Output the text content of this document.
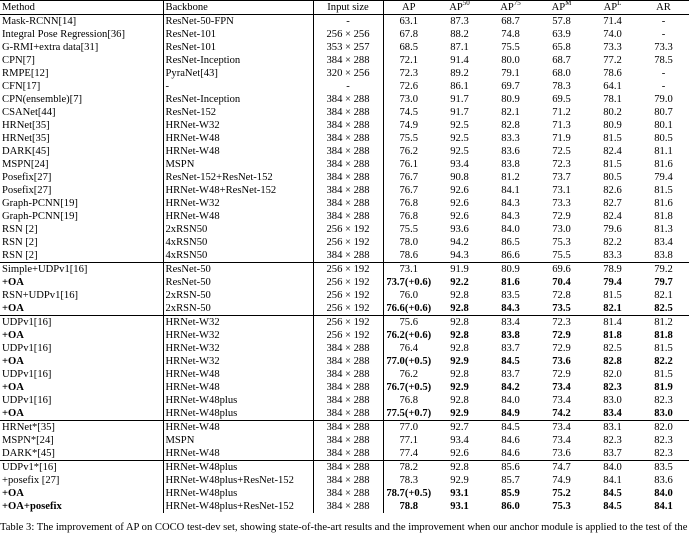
Method	Backbone	Input size	AP	AP$^{50}$	AP$^{75}$	$AP^M$	$AP^L$	AR
Mask-RCNN[14]	ResNet-50-FPN	-	63.1	87.3	68.7	57.8	71.4	-
Integral Pose Regression[36]	ResNet-101	256 × 256	67.8	88.2	74.8	63.9	74.0	-
G-RMI+extra data[31]	ResNet-101	353 × 257	68.5	87.1	75.5	65.8	73.3	73.3
CPN[7]	ResNet-Inception	384 × 288	72.1	91.4	80.0	68.7	77.2	78.5
RMPE[12]	PyraNet[43]	320 × 256	72.3	89.2	79.1	68.0	78.6	-
CFN[17]	-	-	72.6	86.1	69.7	78.3	64.1	-
CPN(ensemble)[7]	ResNet-Inception	384 × 288	73.0	91.7	80.9	69.5	78.1	79.0
CSANet[44]	ResNet-152	384 × 288	74.5	91.7	82.1	71.2	80.2	80.7
HRNet[35]	HRNet-W32	384 × 288	74.9	92.5	82.8	71.3	80.9	80.1
HRNet[35]	HRNet-W48	384 × 288	75.5	92.5	83.3	71.9	81.5	80.5
DARK[45]	HRNet-W48	384 × 288	76.2	92.5	83.6	72.5	82.4	81.1
MSPN[24]	MSPN	384 × 288	76.1	93.4	83.8	72.3	81.5	81.6
Posefix[27]	ResNet-152+ResNet-152	384 × 288	76.7	90.8	81.2	73.7	80.5	79.4
Posefix[27]	HRNet-W48+ResNet-152	384 × 288	76.7	92.6	84.1	73.1	82.6	81.5
Graph-PCNN[19]	HRNet-W32	384 × 288	76.8	92.6	84.3	73.3	82.7	81.6
Graph-PCNN[19]	HRNet-W48	384 × 288	76.8	92.6	84.3	72.9	82.4	81.8
RSN [2]	2xRSN50	256 × 192	75.5	93.6	84.0	73.0	79.6	81.3
RSN [2]	4xRSN50	256 × 192	78.0	94.2	86.5	75.3	82.2	83.4
RSN [2]	4xRSN50	384 × 288	78.6	94.3	86.6	75.5	83.3	83.8
Simple+UDPv1[16]	ResNet-50	256 × 192	73.1	91.9	80.9	69.6	78.9	79.2
+OA	ResNet-50	256 × 192	73.7(+0.6)	92.2	81.6	70.4	79.4	79.7
RSN+UDPv1[16]	2xRSN-50	256 × 192	76.0	92.8	83.5	72.8	81.5	82.1
+OA	2xRSN-50	256 × 192	76.6(+0.6)	92.8	84.3	73.5	82.1	82.5
UDPv1[16]	HRNet-W32	256 × 192	75.6	92.8	83.4	72.3	81.4	81.2
+OA	HRNet-W32	256 × 192	76.2(+0.6)	92.8	83.8	72.9	81.8	81.8
UDPv1[16]	HRNet-W32	384 × 288	76.4	92.8	83.7	72.9	82.5	81.5
+OA	HRNet-W32	384 × 288	77.0(+0.5)	92.9	84.5	73.6	82.8	82.2
UDPv1[16]	HRNet-W48	384 × 288	76.2	92.8	83.7	72.9	82.0	81.5
+OA	HRNet-W48	384 × 288	76.7(+0.5)	92.9	84.2	73.4	82.3	81.9
UDPv1[16]	HRNet-W48plus	384 × 288	76.8	92.8	84.0	73.4	83.0	82.3
+OA	HRNet-W48plus	384 × 288	77.5(+0.7)	92.9	84.9	74.2	83.4	83.0
HRNet*[35]	HRNet-W48	384 × 288	77.0	92.7	84.5	73.4	83.1	82.0
MSPN*[24]	MSPN	384 × 288	77.1	93.4	84.6	73.4	82.3	82.3
DARK*[45]	HRNet-W48	384 × 288	77.4	92.6	84.6	73.6	83.7	82.3
UDPv1*[16]	HRNet-W48plus	384 × 288	78.2	92.8	85.6	74.7	84.0	83.5
+posefix [27]	HRNet-W48plus+ResNet-152	384 × 288	78.3	92.9	85.7	74.9	84.1	83.6
+OA	HRNet-W48plus	384 × 288	78.7(+0.5)	93.1	85.9	75.2	84.5	84.0
+OA+posefix	HRNet-W48plus+ResNet-152	384 × 288	78.8	93.1	86.0	75.3	84.5	84.1
Table 3: The improvement of AP on COCO test-dev set, showing state-of-the-art results and the improvement when our anchor module is applied to the test of the
